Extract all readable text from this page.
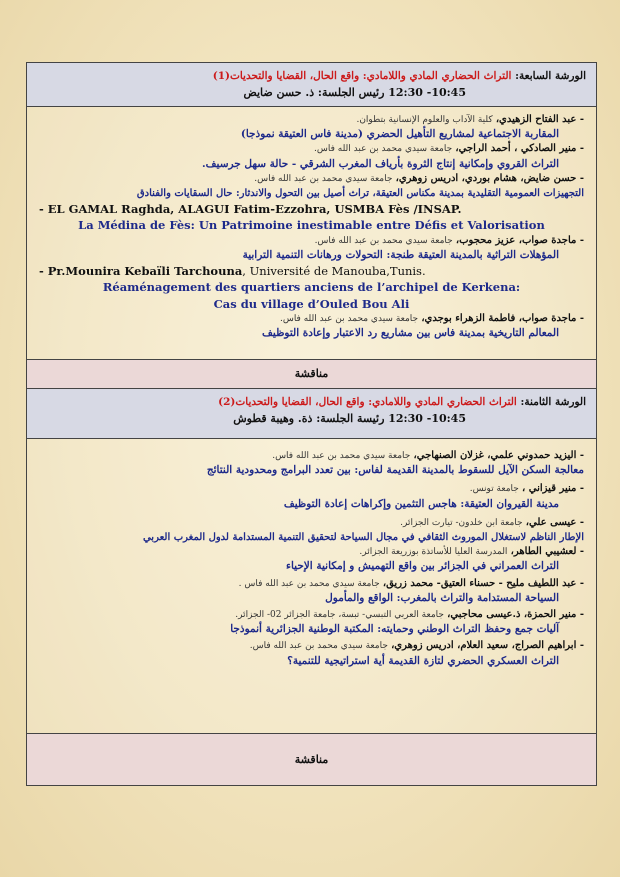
الورشة السابعة: التراث الحضاري المادي واللامادي: واقع الحال، القضايا والتحديات(1)
10:45- 12:30 رئيس الجلسة: ذ. حسن ضايض
- عبد الفتاح الزهيدي، كلية الآداب والعلوم الإنسانية بتطوان.
المقاربة الاجتماعية لمشاريع التأهيل الحضري (مدينة فاس العتيقة نموذجا)
- منير الصادكي ، أحمد الراجي، جامعة سيدي محمد بن عبد الله فاس.
التراث القروي وإمكانية إنتاج الثروة بأرياف المغرب الشرقي - حالة سهل جرسيف.
- حسن ضايض، هشام بوردي، ادريس زوهري، جامعة سيدي محمد بن عبد الله فاس.
التجهيزات العمومية التقليدية بمدينة مكناس العتيقة، تراث أصيل بين التحول والاندثار: حال السقايات والفنادق
- EL GAMAL Raghda, ALAGUI Fatim-Ezzohra, USMBA Fès /INSAP.
La Médina de Fès: Un Patrimoine inestimable entre Défis et Valorisation
- ماجدة صواب، عزيز محجوب، جامعة سيدي محمد بن عبد الله فاس.
المؤهلات التراثية بالمدينة العتيقة طنجة: التحولات ورهانات التنمية الترابية
- Pr.Mounira Kebaïli Tarchouna, Université de Manouba,Tunis.
Réaménagement des quartiers anciens de l’archipel de Kerkena:
Cas du village d’Ouled Bou Ali
- ماجدة صواب، فاطمة الزهراء بوجدي، جامعة سيدي محمد بن عبد الله فاس.
المعالم التاريخية بمدينة فاس بين مشاريع رد الاعتبار وإعادة التوظيف
مناقشة
الورشة الثامنة: التراث الحضاري المادي واللامادي: واقع الحال، القضايا والتحديات(2)
10:45- 12:30 رئيسة الجلسة: ذة. وهيبة قطوش
- اليزيد حمدوني علمي، غزلان الصنهاجي، جامعة سيدي محمد بن عبد الله فاس.
معالجة السكن الآيل للسقوط بالمدينة القديمة لفاس: بين تعدد البرامج ومحدودية النتائج
- منير قيزاني ، جامعة تونس.
مدينة القيروان العتيقة: هاجس التثمين وإكراهات إعادة التوظيف
- عيسى علي، جامعة ابن خلدون- تيارت الجزائر.
الإطار الناظم لاستغلال الموروث الثقافي في مجال السياحة لتحقيق التنمية المستدامة لدول المغرب العربي
- لعشيبي الطاهر، المدرسة العليا للأساتذة بوزريعة الجزائر.
التراث العمراني في الجزائر بين واقع التهميش و إمكانية الإحياء
- عبد اللطيف مليح - حسناء العتيق- محمد زريق، جامعة سيدي محمد بن عبد الله فاس .
السياحة المستدامة والتراث بالمغرب: الواقع والمأمول
- منير الحمزة، ذ.عيسى محاجبي، جامعة العربي التبسي- تبسة، جامعة الجزائر 02- الجزائر.
آليات جمع وحفظ التراث الوطني وحمايته: المكتبة الوطنية الجزائرية أنموذجا
- ابراهيم الصراج، سعيد العلام، ادريس زوهري، جامعة سيدي محمد بن عبد الله فاس.
التراث العسكري الحضري لتازة القديمة أية استراتيجية للتنمية؟
مناقشة
